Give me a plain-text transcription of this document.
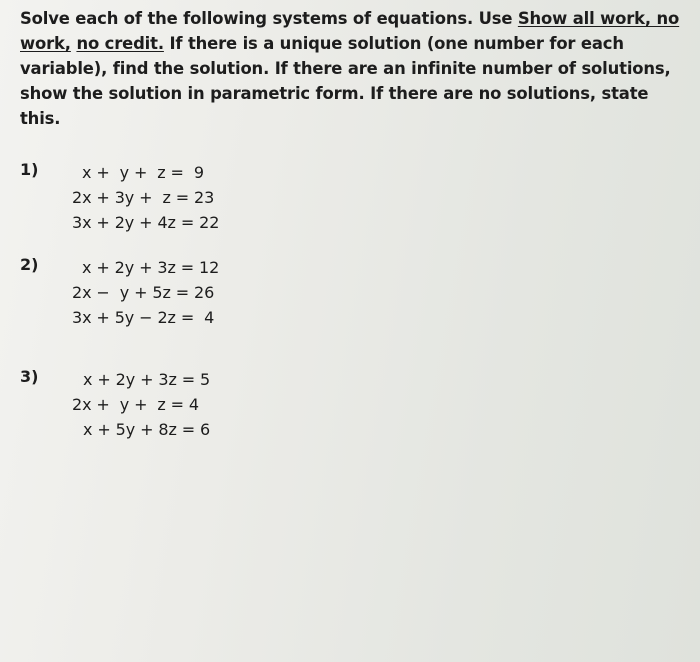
Solve each of the following systems of equations. Use Show all work, no work, no credit. If there is a unique solution (one number for each variable), find the solution. If there are an infinite number of solutions, show the solution in parametric form. If there are no solutions, state this.
1)	x +  y +  z =  9
2x + 3y +  z = 23
3x + 2y + 4z = 22
2)	x + 2y + 3z = 12
2x −  y + 5z = 26
3x + 5y − 2z =  4
3)	x + 2y + 3z = 5
2x +  y +  z = 4
x + 5y + 8z = 6
